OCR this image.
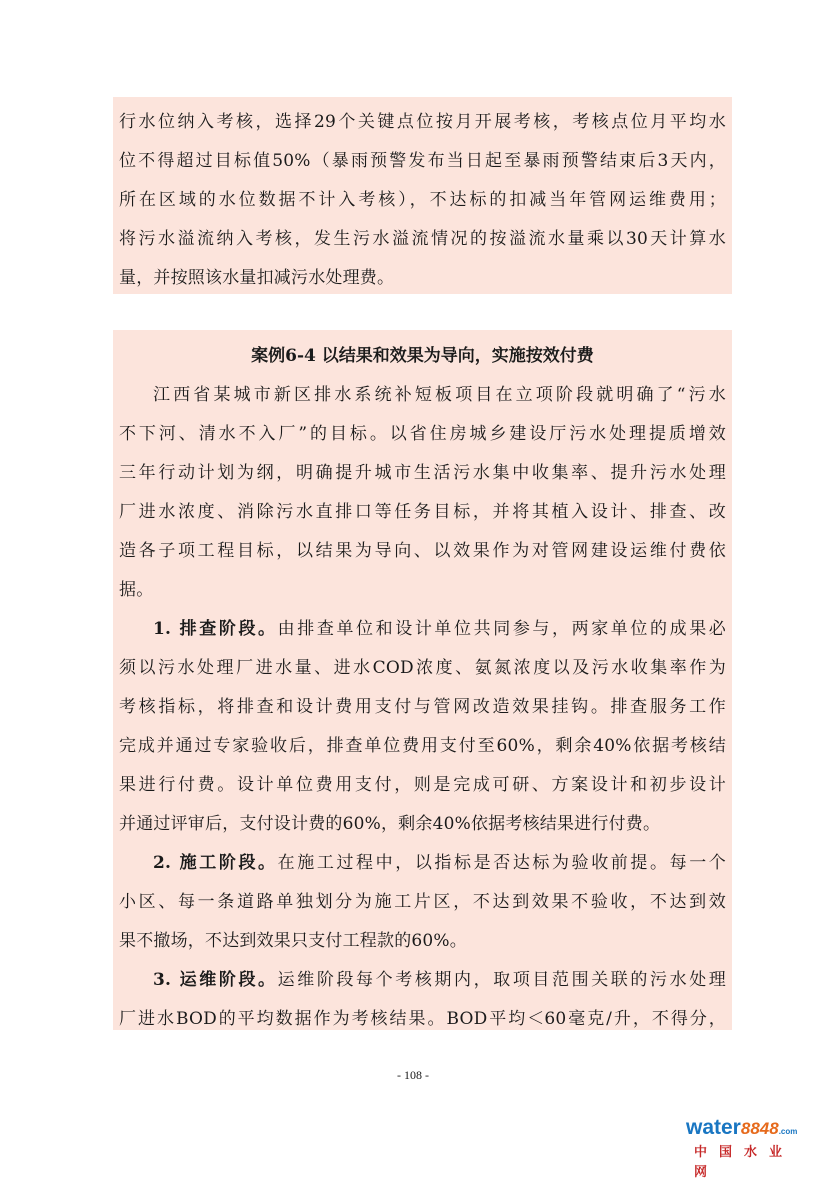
行水位纳入考核，选择29个关键点位按月开展考核，考核点位月平均水

位不得超过目标值50%（暴雨预警发布当日起至暴雨预警结束后3天内，

所在区域的水位数据不计入考核），不达标的扣减当年管网运维费用；

将污水溢流纳入考核，发生污水溢流情况的按溢流水量乘以30天计算水

量，并按照该水量扣减污水处理费。

案例6-4 以结果和效果为导向，实施按效付费

江西省某城市新区排水系统补短板项目在立项阶段就明确了“污水

不下河、清水不入厂”的目标。以省住房城乡建设厅污水处理提质增效

三年行动计划为纲，明确提升城市生活污水集中收集率、提升污水处理

厂进水浓度、消除污水直排口等任务目标，并将其植入设计、排查、改

造各子项工程目标，以结果为导向、以效果作为对管网建设运维付费依

据。

1. 排查阶段。由排查单位和设计单位共同参与，两家单位的成果必

须以污水处理厂进水量、进水COD浓度、氨氮浓度以及污水收集率作为

考核指标，将排查和设计费用支付与管网改造效果挂钩。排查服务工作

完成并通过专家验收后，排查单位费用支付至60%，剩余40%依据考核结

果进行付费。设计单位费用支付，则是完成可研、方案设计和初步设计

并通过评审后，支付设计费的60%，剩余40%依据考核结果进行付费。

2. 施工阶段。在施工过程中，以指标是否达标为验收前提。每一个

小区、每一条道路单独划分为施工片区，不达到效果不验收，不达到效

果不撤场，不达到效果只支付工程款的60%。

3. 运维阶段。运维阶段每个考核期内，取项目范围关联的污水处理

厂进水BOD的平均数据作为考核结果。BOD平均＜60毫克/升，不得分，

- 108 -
water8848.com
中国水业网
